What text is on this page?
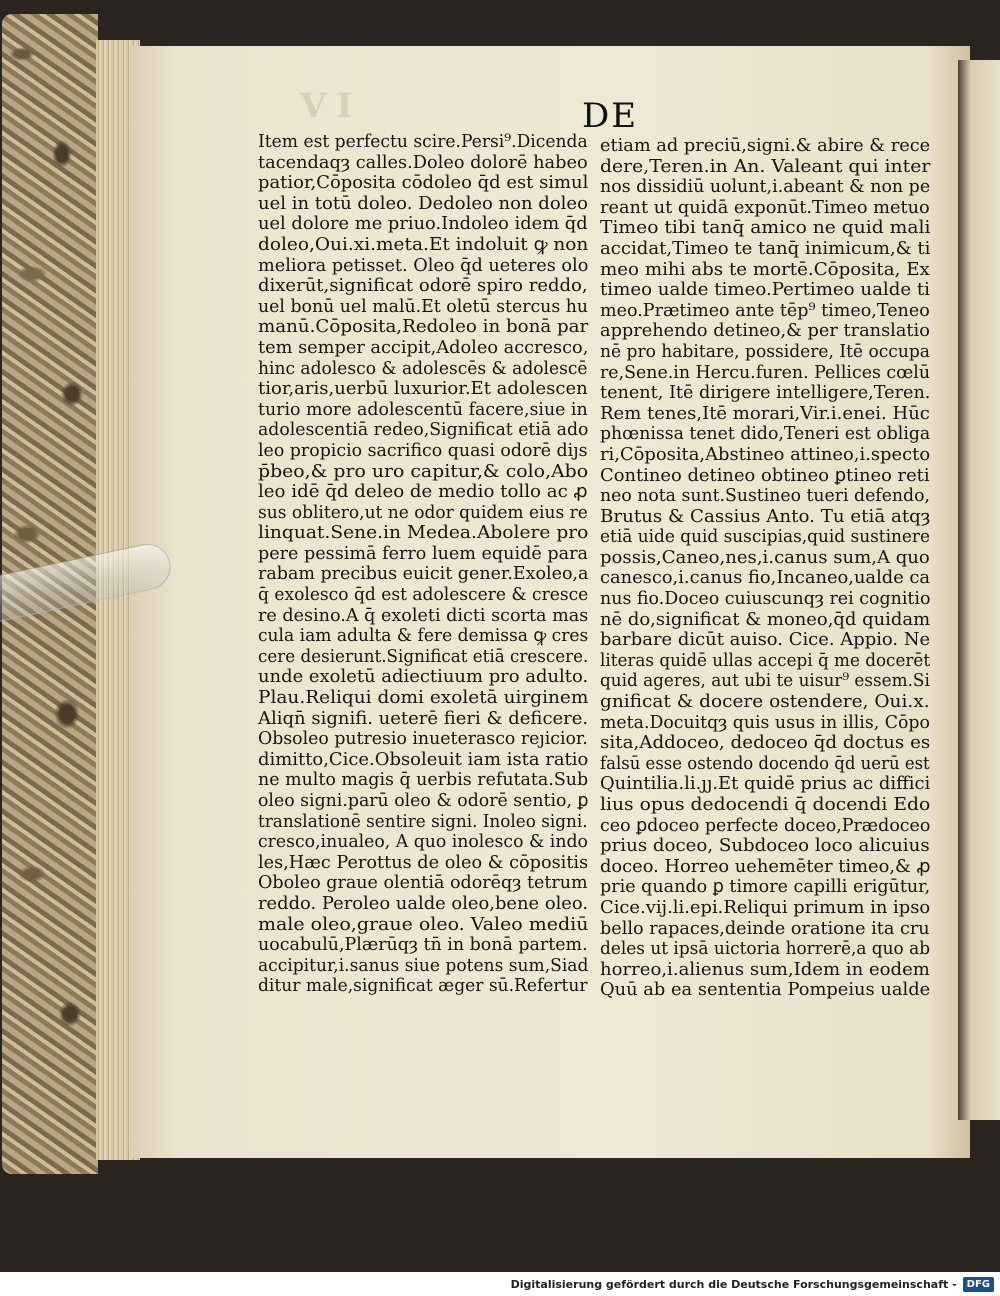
VI	DE
Item est perfectu scire.Persi⁹.Dicenda
tacendaqȝ calles.Doleo dolorē habeo
patior,Cōposita cōdoleo q̄d est simul
uel in totū doleo. Dedoleo non doleo
uel dolore me priuo.Indoleo idem q̄d
doleo,Oui.xi.meta.Et indoluit ꝙ non
meliora petisset. Oleo q̄d ueteres olo
dixerūt,significat odorē spiro reddo,
uel bonū uel malū.Et oletū stercus hu
manū.Cōposita,Redoleo in bonā par
tem semper accipit,Adoleo accresco,
hinc adolesco & adolescēs & adolescē
tior,aris,uerbū luxurior.Et adolescen
turio more adolescentū facere,siue in
adolescentiā redeo,Significat etiā ado
leo propicio sacrifico quasi odorē diȷs
p̄beo,& pro uro capitur,& colo,Abo
leo idē q̄d deleo de medio tollo ac ꝓ
sus oblitero,ut ne odor quidem eius re
linquat.Sene.in Medea.Abolere pro
pere pessimā ferro luem equidē para
rabam precibus euicit gener.Exoleo,a
q̄ exolesco q̄d est adolescere & cresce
re desino.A q̄ exoleti dicti scorta mas
cula iam adulta & fere demissa ꝙ cres
cere desierunt.Significat etiā crescere.
unde exoletū adiectiuum pro adulto.
Plau.Reliqui domi exoletā uirginem
Aliqn̄ signifi. ueterē fieri & deficere.
Obsoleo putresio inueterasco reȷicior.
dimitto,Cice.Obsoleuit iam ista ratio
ne multo magis q̄ uerbis refutata.Sub
oleo signi.parū oleo & odorē sentio, ꝑ
translationē sentire signi. Inoleo signi.
cresco,inualeo, A quo inolesco & indo
les,Hæc Perottus de oleo & cōpositis
Oboleo graue olentiā odorēqȝ tetrum
reddo. Peroleo ualde oleo,bene oleo.
male oleo,graue oleo. Valeo mediū
uocabulū,Plærūqȝ tn̄ in bonā partem.
accipitur,i.sanus siue potens sum,Siad
ditur male,significat æger sū.Refertur
etiam ad preciū,signi.& abire & rece
dere,Teren.in An. Valeant qui inter
nos dissidiū uolunt,i.abeant & non pe
reant ut quidā exponūt.Timeo metuo
Timeo tibi tanq̄ amico ne quid mali
accidat,Timeo te tanq̄ inimicum,& ti
meo mihi abs te mortē.Cōposita, Ex
timeo ualde timeo.Pertimeo ualde ti
meo.Prætimeo ante tēp⁹ timeo,Teneo
apprehendo detineo,& per translatio
nē pro habitare, possidere, Itē occupa
re,Sene.in Hercu.furen. Pellices cœlū
tenent, Itē dirigere intelligere,Teren.
Rem tenes,Itē morari,Vir.i.enei. Hūc
phœnissa tenet dido,Teneri est obliga
ri,Cōposita,Abstineo attineo,i.specto
Contineo detineo obtineo ꝑtineo reti
neo nota sunt.Sustineo tueri defendo,
Brutus & Cassius Anto. Tu etiā atqȝ
etiā uide quid suscipias,quid sustinere
possis,Caneo,nes,i.canus sum,A quo
canesco,i.canus fio,Incaneo,ualde ca
nus fio.Doceo cuiuscunqȝ rei cognitio
nē do,significat & moneo,q̄d quidam
barbare dicūt auiso. Cice. Appio. Ne
literas quidē ullas accepi q̄ me docerēt
quid ageres, aut ubi te uisur⁹ essem.Si
gnificat & docere ostendere, Oui.x.
meta.Docuitqȝ quis usus in illis, Cōpo
sita,Addoceo, dedoceo q̄d doctus es
falsū esse ostendo docendo q̄d uerū est
Quintilia.li.ȷȷ.Et quidē prius ac diffici
lius opus dedocendi q̄ docendi Edo
ceo ꝑdoceo perfecte doceo,Prædoceo
prius doceo, Subdoceo loco alicuius
doceo. Horreo uehemēter timeo,& ꝓ
prie quando ꝑ timore capilli erigūtur,
Cice.vij.li.epi.Reliqui primum in ipso
bello rapaces,deinde oratione ita cru
deles ut ipsā uictoria horrerē,a quo ab
horreo,i.alienus sum,Idem in eodem
Quū ab ea sententia Pompeius ualde
Digitalisierung gefördert durch die Deutsche Forschungsgemeinschaft -	DFG
